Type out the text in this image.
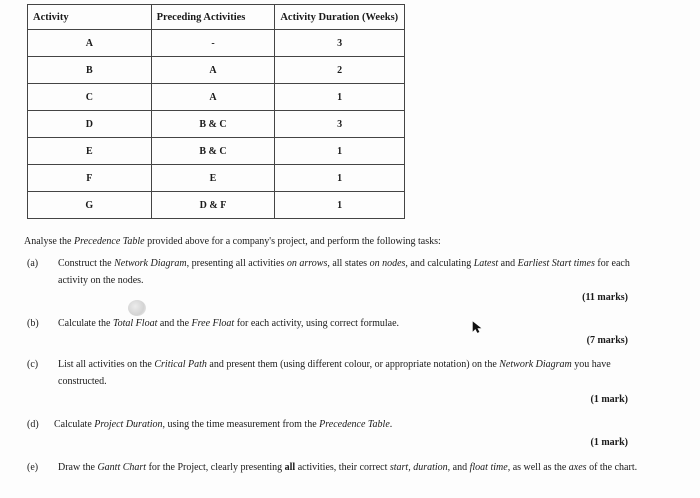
Activity	Preceding Activities	Activity Duration (Weeks)
A	-	3
B	A	2
C	A	1
D	B & C	3
E	B & C	1
F	E	1
G	D & F	1
Analyse the Precedence Table provided above for a company's project, and perform the following tasks:
(a) Construct the Network Diagram, presenting all activities on arrows, all states on nodes, and calculating Latest and Earliest Start times for each activity on the nodes.
(11 marks)
(b) Calculate the Total Float and the Free Float for each activity, using correct formulae.
(7 marks)
(c) List all activities on the Critical Path and present them (using different colour, or appropriate notation) on the Network Diagram you have constructed.
(1 mark)
(d) Calculate Project Duration, using the time measurement from the Precedence Table.
(1 mark)
(e) Draw the Gantt Chart for the Project, clearly presenting all activities, their correct start, duration, and float time, as well as the axes of the chart.
